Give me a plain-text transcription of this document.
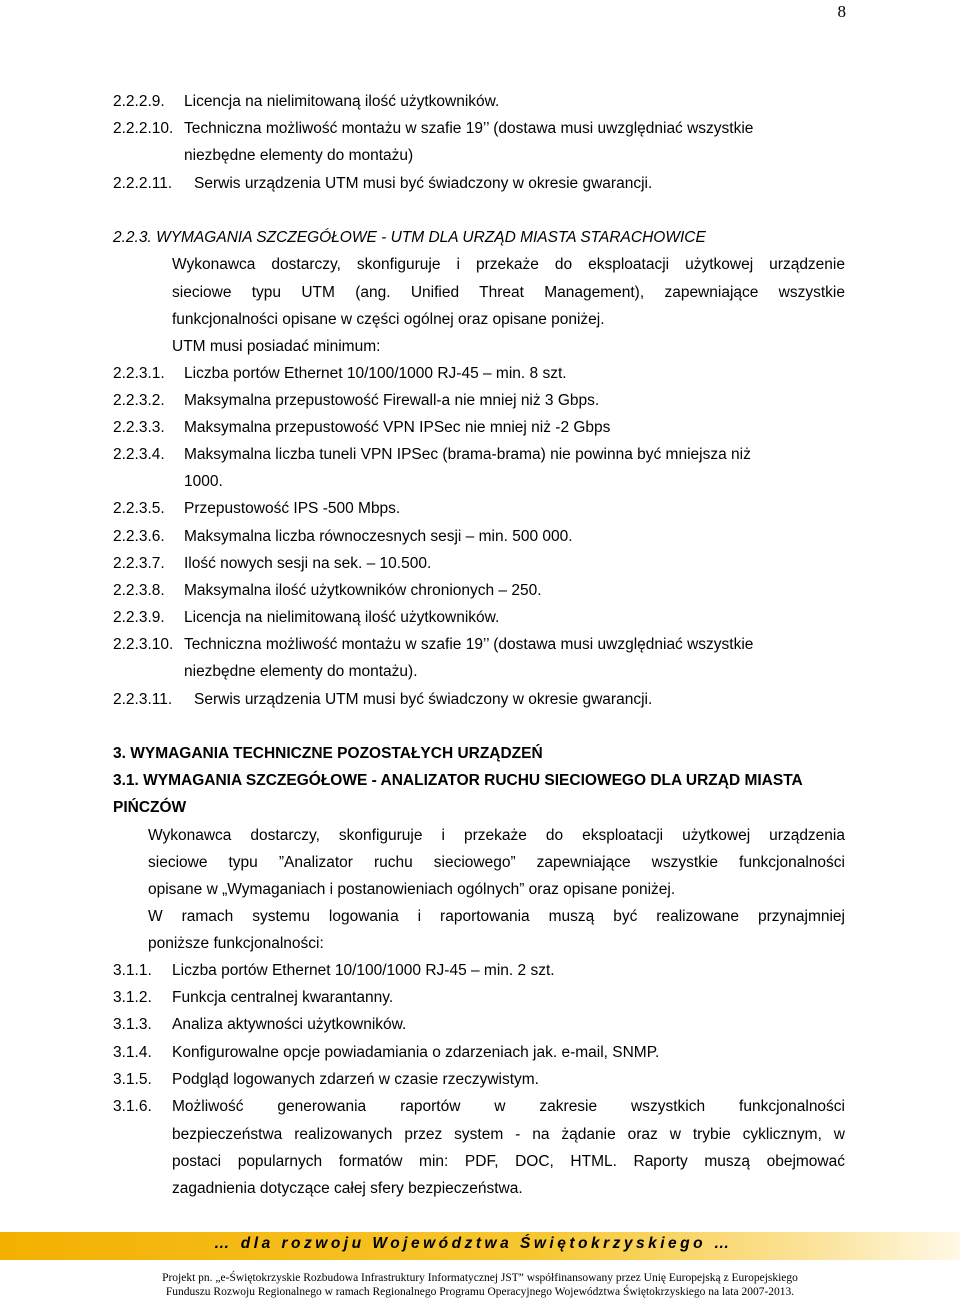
8
2.2.2.9. Licencja na nielimitowaną ilość użytkowników.
2.2.2.10. Techniczna możliwość montażu w szafie 19’’ (dostawa musi uwzględniać wszystkie
niezbędne elementy do montażu)
2.2.2.11. Serwis urządzenia UTM musi być świadczony w okresie gwarancji.
2.2.3. WYMAGANIA SZCZEGÓŁOWE - UTM DLA URZĄD MIASTA STARACHOWICE
Wykonawca dostarczy, skonfiguruje i przekaże do eksploatacji użytkowej urządzenie
sieciowe typu UTM (ang. Unified Threat Management), zapewniające wszystkie
funkcjonalności opisane w części ogólnej oraz opisane poniżej.
UTM musi posiadać minimum:
2.2.3.1. Liczba portów Ethernet 10/100/1000 RJ-45 – min. 8 szt.
2.2.3.2. Maksymalna przepustowość Firewall-a nie mniej niż 3 Gbps.
2.2.3.3. Maksymalna przepustowość VPN IPSec nie mniej niż -2 Gbps
2.2.3.4. Maksymalna liczba tuneli VPN IPSec (brama-brama) nie powinna być mniejsza niż
1000.
2.2.3.5. Przepustowość IPS -500 Mbps.
2.2.3.6. Maksymalna liczba równoczesnych sesji – min. 500 000.
2.2.3.7. Ilość nowych sesji na sek. – 10.500.
2.2.3.8. Maksymalna ilość użytkowników chronionych – 250.
2.2.3.9. Licencja na nielimitowaną ilość użytkowników.
2.2.3.10. Techniczna możliwość montażu w szafie 19’’ (dostawa musi uwzględniać wszystkie
niezbędne elementy do montażu).
2.2.3.11. Serwis urządzenia UTM musi być świadczony w okresie gwarancji.
3. WYMAGANIA TECHNICZNE POZOSTAŁYCH URZĄDZEŃ
3.1. WYMAGANIA SZCZEGÓŁOWE - ANALIZATOR RUCHU SIECIOWEGO DLA URZĄD MIASTA
PIŃCZÓW
Wykonawca dostarczy, skonfiguruje i przekaże do eksploatacji użytkowej urządzenia
sieciowe typu ”Analizator ruchu sieciowego” zapewniające wszystkie funkcjonalności
opisane w „Wymaganiach i postanowieniach ogólnych” oraz opisane poniżej.
W ramach systemu logowania i raportowania muszą być realizowane przynajmniej
poniższe funkcjonalności:
3.1.1. Liczba portów Ethernet 10/100/1000 RJ-45 – min. 2 szt.
3.1.2. Funkcja centralnej kwarantanny.
3.1.3. Analiza aktywności użytkowników.
3.1.4. Konfigurowalne opcje powiadamiania o zdarzeniach jak. e-mail, SNMP.
3.1.5. Podgląd logowanych zdarzeń w czasie rzeczywistym.
3.1.6. Możliwość generowania raportów w zakresie wszystkich funkcjonalności
bezpieczeństwa realizowanych przez system - na żądanie oraz w trybie cyklicznym, w
postaci popularnych formatów min: PDF, DOC, HTML. Raporty muszą obejmować
zagadnienia dotyczące całej sfery bezpieczeństwa.
… dla rozwoju Województwa Świętokrzyskiego …
Projekt pn. „e-Świętokrzyskie Rozbudowa Infrastruktury Informatycznej JST” współfinansowany przez Unię Europejską z Europejskiego
Funduszu Rozwoju Regionalnego w ramach Regionalnego Programu Operacyjnego Województwa Świętokrzyskiego na lata 2007-2013.
